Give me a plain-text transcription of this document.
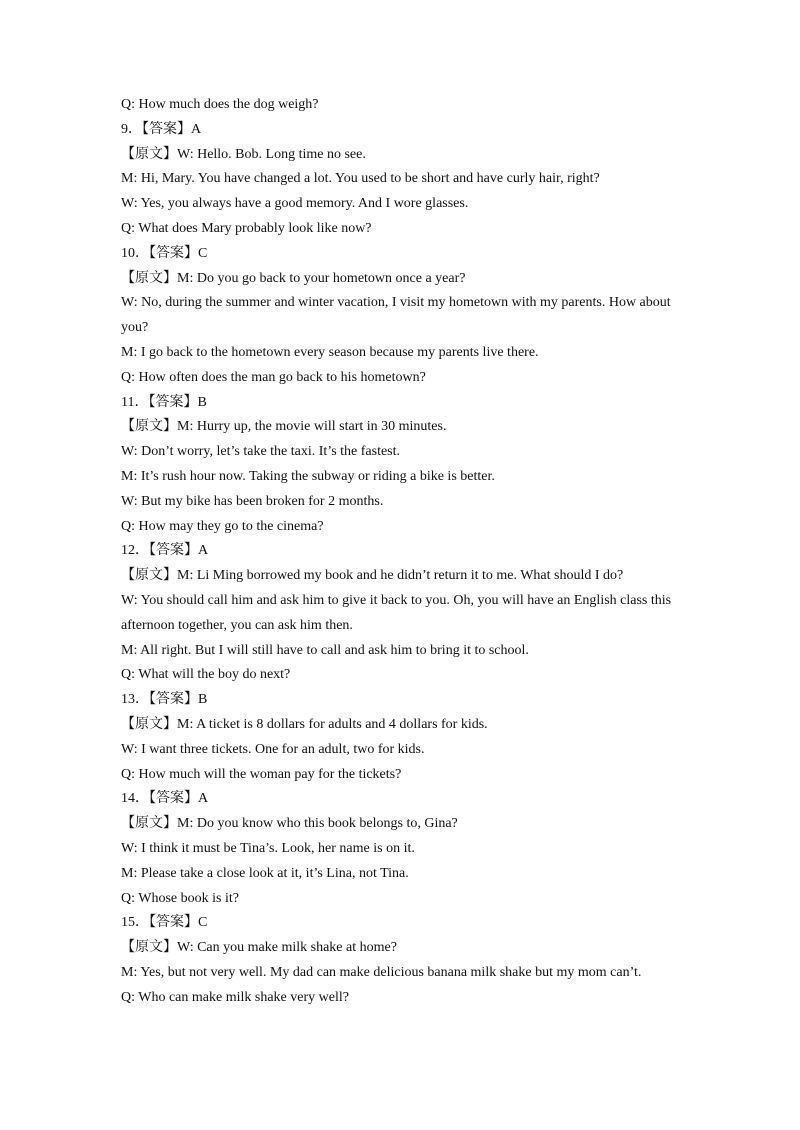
Q: How much does the dog weigh?

9．【答案】A

【原文】W: Hello. Bob. Long time no see.

M: Hi, Mary. You have changed a lot. You used to be short and have curly hair, right?

W: Yes, you always have a good memory. And I wore glasses.

Q: What does Mary probably look like now?

10．【答案】C

【原文】M: Do you go back to your hometown once a year?

W: No, during the summer and winter vacation, I visit my hometown with my parents. How about

you?

M: I go back to the hometown every season because my parents live there.

Q: How often does the man go back to his hometown?

11．【答案】B

【原文】M: Hurry up, the movie will start in 30 minutes.

W: Don’t worry, let’s take the taxi. It’s the fastest.

M: It’s rush hour now. Taking the subway or riding a bike is better.

W: But my bike has been broken for 2 months.

Q: How may they go to the cinema?

12．【答案】A

【原文】M: Li Ming borrowed my book and he didn’t return it to me. What should I do?

W: You should call him and ask him to give it back to you. Oh, you will have an English class this

afternoon together, you can ask him then.

M: All right. But I will still have to call and ask him to bring it to school.

Q: What will the boy do next?

13．【答案】B

【原文】M: A ticket is 8 dollars for adults and 4 dollars for kids.

W: I want three tickets. One for an adult, two for kids.

Q: How much will the woman pay for the tickets?

14．【答案】A

【原文】M: Do you know who this book belongs to, Gina?

W: I think it must be Tina’s. Look, her name is on it.

M: Please take a close look at it, it’s Lina, not Tina.

Q: Whose book is it?

15．【答案】C

【原文】W: Can you make milk shake at home?

M: Yes, but not very well. My dad can make delicious banana milk shake but my mom can’t.

Q: Who can make milk shake very well?
